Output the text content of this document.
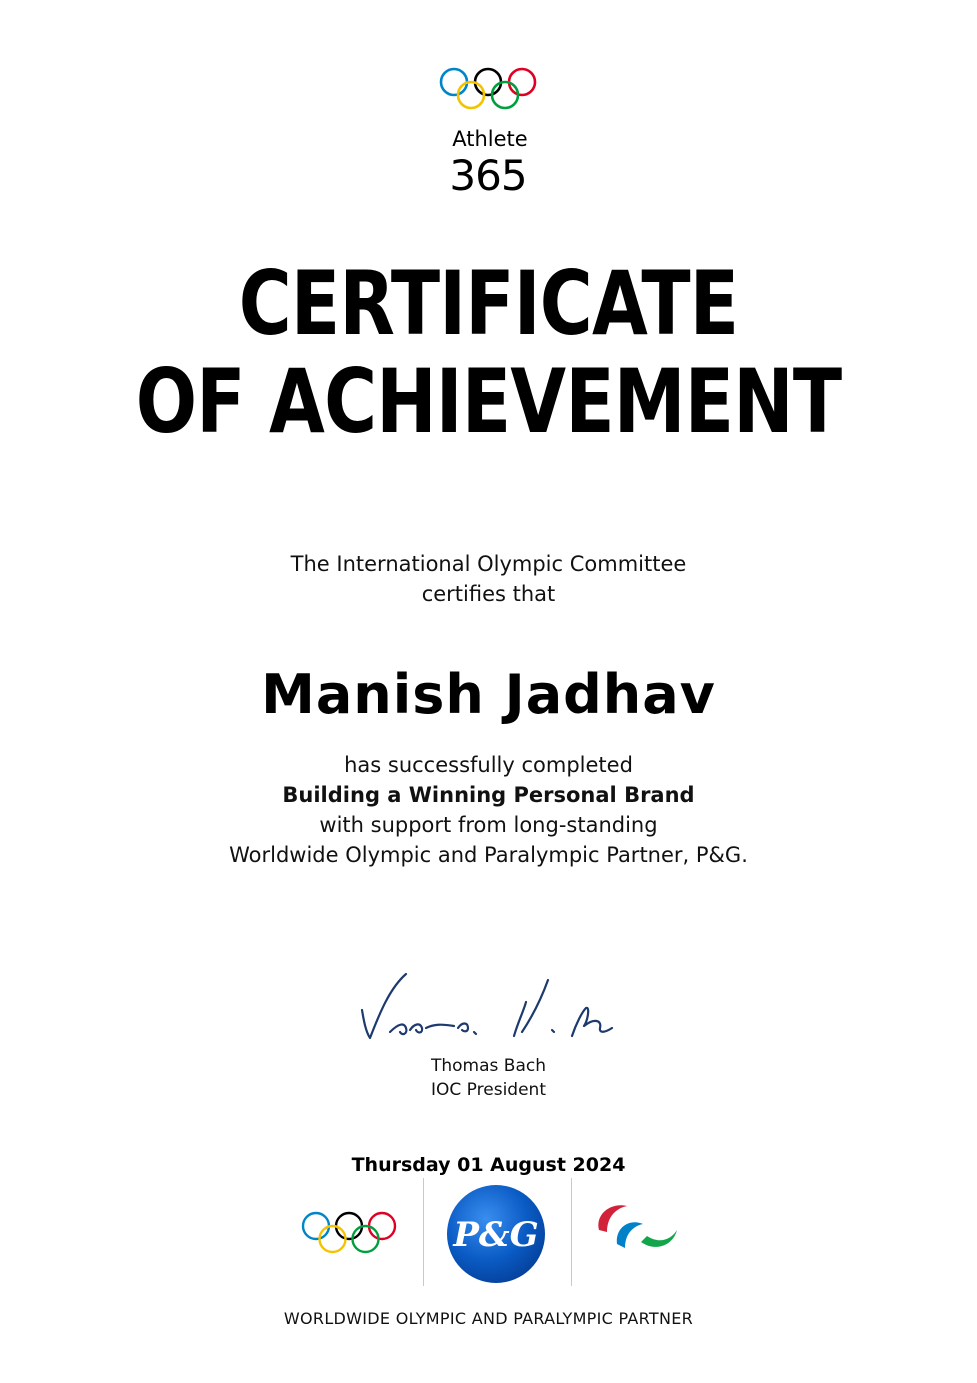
Athlete
365
CERTIFICATE
OF ACHIEVEMENT
The International Olympic Committee
certifies that
Manish Jadhav
has successfully completed
Building a Winning Personal Brand
with support from long-standing
Worldwide Olympic and Paralympic Partner, P&G.
Thomas Bach
IOC President
Thursday 01 August 2024
P&G
WORLDWIDE OLYMPIC AND PARALYMPIC PARTNER
